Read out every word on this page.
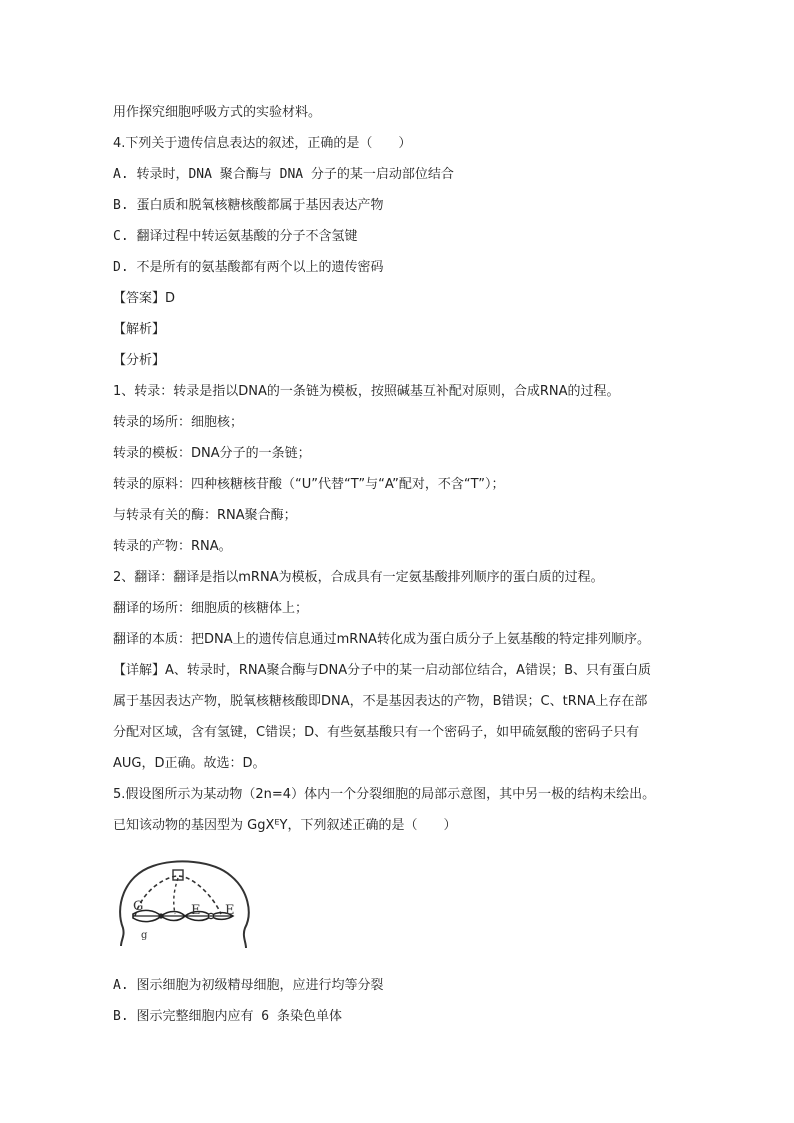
用作探究细胞呼吸方式的实验材料。
4.下列关于遗传信息表达的叙述，正确的是（　　）
A. 转录时，DNA 聚合酶与 DNA 分子的某一启动部位结合
B. 蛋白质和脱氧核糖核酸都属于基因表达产物
C. 翻译过程中转运氨基酸的分子不含氢键
D. 不是所有的氨基酸都有两个以上的遗传密码
【答案】D
【解析】
【分析】
1、转录：转录是指以DNA的一条链为模板，按照碱基互补配对原则，合成RNA的过程。
转录的场所：细胞核；
转录的模板：DNA分子的一条链；
转录的原料：四种核糖核苷酸（“U”代替“T”与“A”配对，不含“T”）；
与转录有关的酶：RNA聚合酶；
转录的产物：RNA。
2、翻译：翻译是指以mRNA为模板，合成具有一定氨基酸排列顺序的蛋白质的过程。
翻译的场所：细胞质的核糖体上；
翻译的本质：把DNA上的遗传信息通过mRNA转化成为蛋白质分子上氨基酸的特定排列顺序。
【详解】A、转录时，RNA聚合酶与DNA分子中的某一启动部位结合，A错误；B、只有蛋白质
属于基因表达产物，脱氧核糖核酸即DNA，不是基因表达的产物，B错误；C、tRNA上存在部
分配对区域，含有氢键，C错误；D、有些氨基酸只有一个密码子，如甲硫氨酸的密码子只有
AUG，D正确。故选：D。
5.假设图所示为某动物（2n=4）体内一个分裂细胞的局部示意图，其中另一极的结构未绘出。
已知该动物的基因型为 GgXᴱY，下列叙述正确的是（　　）
G
g
E E
A. 图示细胞为初级精母细胞，应进行均等分裂
B. 图示完整细胞内应有 6 条染色单体
